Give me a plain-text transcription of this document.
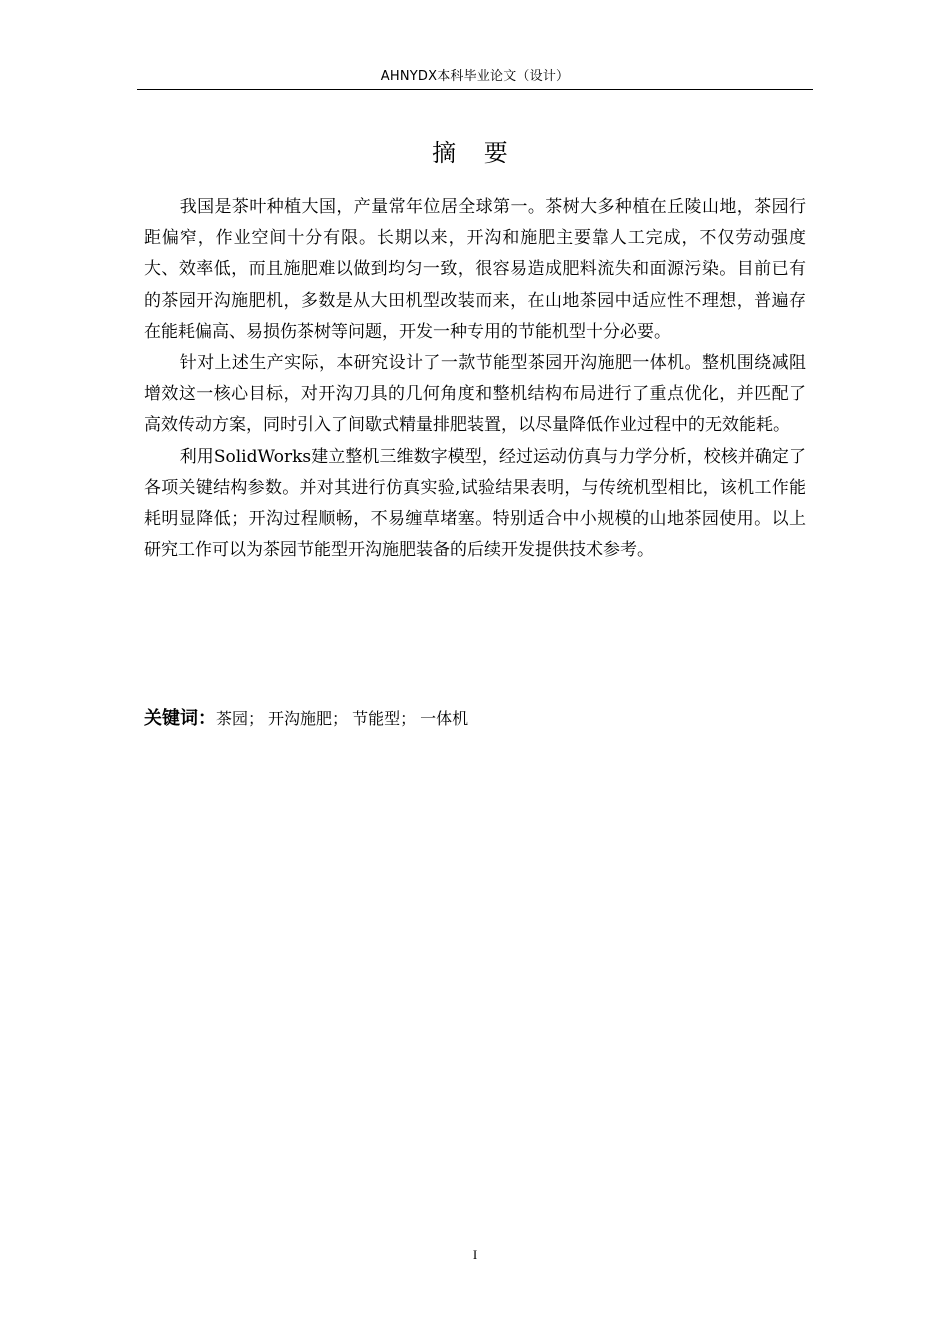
AHNYDX本科毕业论文（设计）
摘 要

我国是茶叶种植大国，产量常年位居全球第一。茶树大多种植在丘陵山地，茶园行距偏窄，作业空间十分有限。长期以来，开沟和施肥主要靠人工完成，不仅劳动强度大、效率低，而且施肥难以做到均匀一致，很容易造成肥料流失和面源污染。目前已有的茶园开沟施肥机，多数是从大田机型改装而来，在山地茶园中适应性不理想，普遍存在能耗偏高、易损伤茶树等问题，开发一种专用的节能机型十分必要。

针对上述生产实际，本研究设计了一款节能型茶园开沟施肥一体机。整机围绕减阻增效这一核心目标，对开沟刀具的几何角度和整机结构布局进行了重点优化，并匹配了高效传动方案，同时引入了间歇式精量排肥装置，以尽量降低作业过程中的无效能耗。

利用SolidWorks建立整机三维数字模型，经过运动仿真与力学分析，校核并确定了各项关键结构参数。并对其进行仿真实验,试验结果表明，与传统机型相比，该机工作能耗明显降低；开沟过程顺畅，不易缠草堵塞。特别适合中小规模的山地茶园使用。以上研究工作可以为茶园节能型开沟施肥装备的后续开发提供技术参考。

关键词：茶园； 开沟施肥； 节能型； 一体机
I
